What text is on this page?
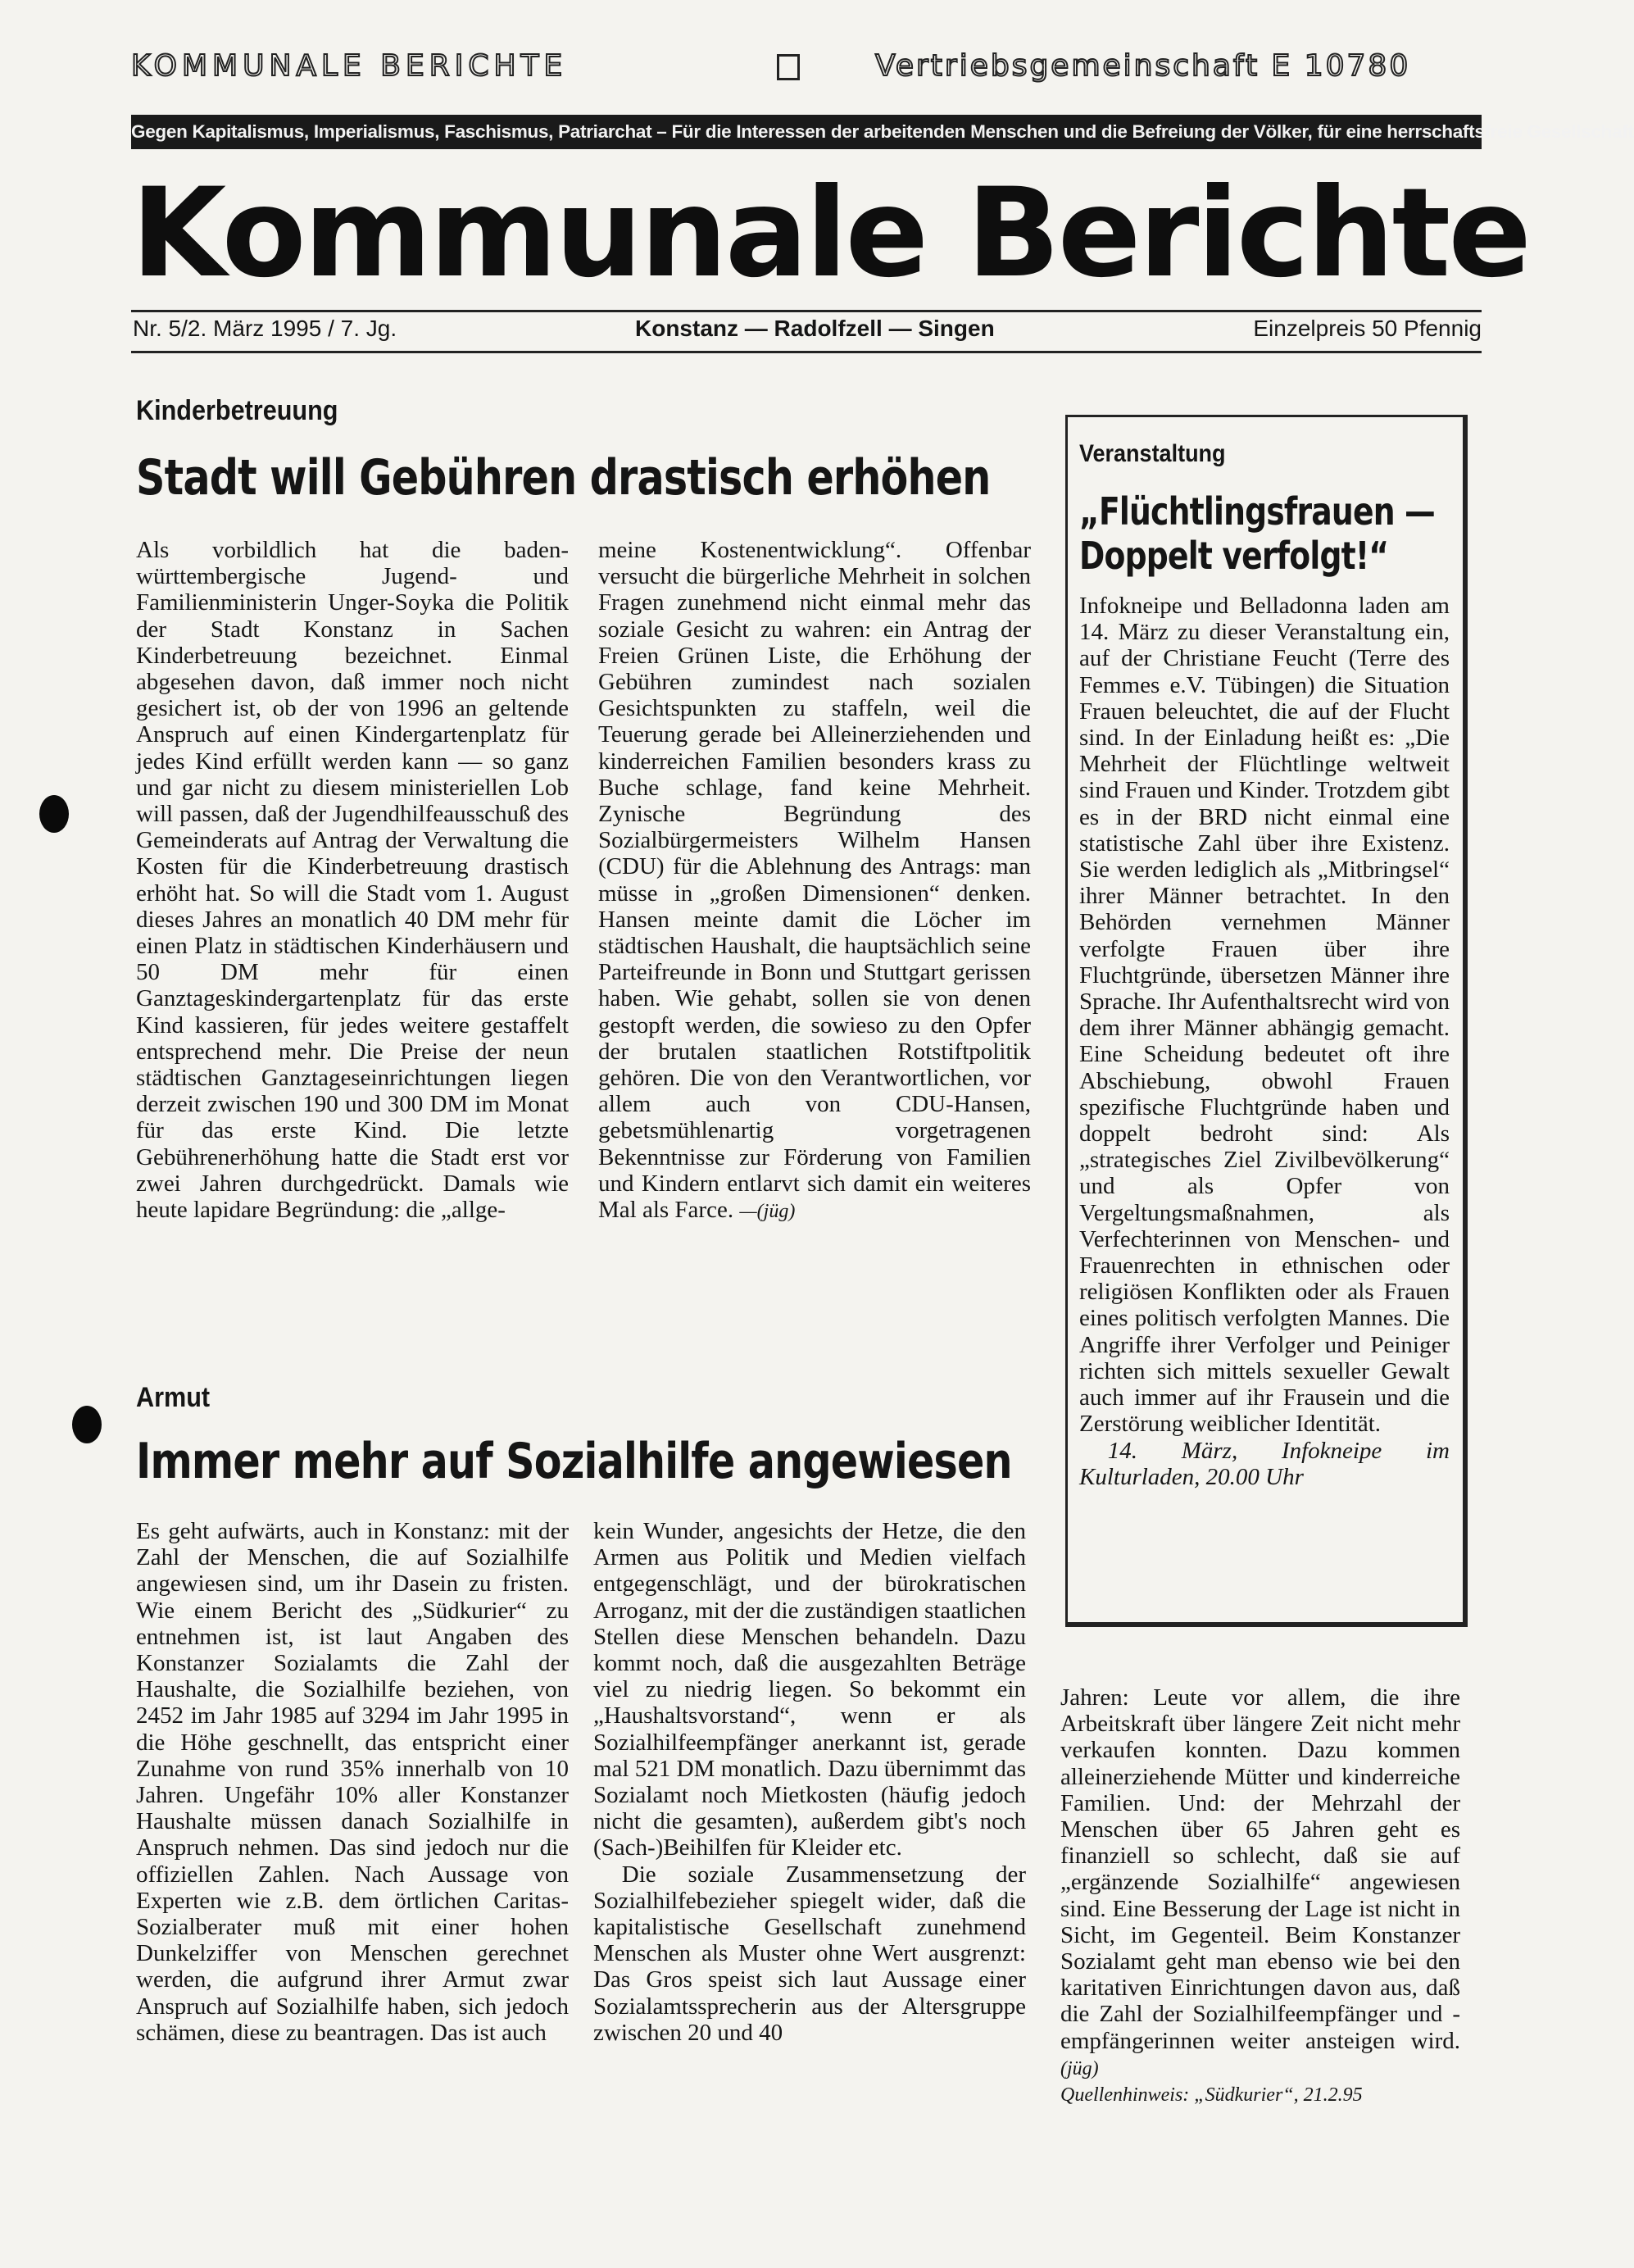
KOMMUNALE BERICHTE	Vertriebsgemeinschaft E 10780
Gegen Kapitalismus, Imperialismus, Faschismus, Patriarchat – Für die Interessen der arbeitenden Menschen und die Befreiung der Völker, für eine herrschaftsfreie Gesellschaft
Kommunale Berichte
Nr. 5/2. März 1995 / 7. Jg.	Konstanz — Radolfzell — Singen	Einzelpreis 50 Pfennig
Kinderbetreuung
Stadt will Gebühren drastisch erhöhen

Als vorbildlich hat die baden-württembergische Jugend- und Familienministerin Unger-Soyka die Politik der Stadt Konstanz in Sachen Kinderbetreuung bezeichnet. Einmal abgesehen davon, daß immer noch nicht gesichert ist, ob der von 1996 an geltende Anspruch auf einen Kindergartenplatz für jedes Kind erfüllt werden kann — so ganz und gar nicht zu diesem ministeriellen Lob will passen, daß der Jugendhilfeausschuß des Gemeinderats auf Antrag der Verwaltung die Kosten für die Kinderbetreuung drastisch erhöht hat. So will die Stadt vom 1. August dieses Jahres an monatlich 40 DM mehr für einen Platz in städtischen Kinderhäusern und 50 DM mehr für einen Ganztageskindergartenplatz für das erste Kind kassieren, für jedes weitere gestaffelt entsprechend mehr. Die Preise der neun städtischen Ganztageseinrichtungen liegen derzeit zwischen 190 und 300 DM im Monat für das erste Kind. Die letzte Gebührenerhöhung hatte die Stadt erst vor zwei Jahren durchgedrückt. Damals wie heute lapidare Begründung: die „allge-

meine Kostenentwicklung“. Offenbar versucht die bürgerliche Mehrheit in solchen Fragen zunehmend nicht einmal mehr das soziale Gesicht zu wahren: ein Antrag der Freien Grünen Liste, die Erhöhung der Gebühren zumindest nach sozialen Gesichtspunkten zu staffeln, weil die Teuerung gerade bei Alleinerziehenden und kinderreichen Familien besonders krass zu Buche schlage, fand keine Mehrheit. Zynische Begründung des Sozialbürgermeisters Wilhelm Hansen (CDU) für die Ablehnung des Antrags: man müsse in „großen Dimensionen“ denken. Hansen meinte damit die Löcher im städtischen Haushalt, die hauptsächlich seine Parteifreunde in Bonn und Stuttgart gerissen haben. Wie gehabt, sollen sie von denen gestopft werden, die sowieso zu den Opfer der brutalen staatlichen Rotstiftpolitik gehören. Die von den Verantwortlichen, vor allem auch von CDU-Hansen, gebetsmühlenartig vorgetragenen Bekenntnisse zur Förderung von Familien und Kindern entlarvt sich damit ein weiteres Mal als Farce. —(jüg)

Veranstaltung
„Flüchtlingsfrauen — Doppelt verfolgt!“

Infokneipe und Belladonna laden am 14. März zu dieser Veranstaltung ein, auf der Christiane Feucht (Terre des Femmes e.V. Tübingen) die Situation Frauen beleuchtet, die auf der Flucht sind. In der Einladung heißt es: „Die Mehrheit der Flüchtlinge weltweit sind Frauen und Kinder. Trotzdem gibt es in der BRD nicht einmal eine statistische Zahl über ihre Existenz. Sie werden lediglich als „Mitbringsel“ ihrer Männer betrachtet. In den Behörden vernehmen Männer verfolgte Frauen über ihre Fluchtgründe, übersetzen Männer ihre Sprache. Ihr Aufenthaltsrecht wird von dem ihrer Männer abhängig gemacht. Eine Scheidung bedeutet oft ihre Abschiebung, obwohl Frauen spezifische Fluchtgründe haben und doppelt bedroht sind: Als „strategisches Ziel Zivilbevölkerung“ und als Opfer von Vergeltungsmaßnahmen, als Verfechterinnen von Menschen- und Frauenrechten in ethnischen oder religiösen Konflikten oder als Frauen eines politisch verfolgten Mannes. Die Angriffe ihrer Verfolger und Peiniger richten sich mittels sexueller Gewalt auch immer auf ihr Frausein und die Zerstörung weiblicher Identität.

14. März, Infokneipe im Kulturladen, 20.00 Uhr

Armut
Immer mehr auf Sozialhilfe angewiesen

Es geht aufwärts, auch in Konstanz: mit der Zahl der Menschen, die auf Sozialhilfe angewiesen sind, um ihr Dasein zu fristen. Wie einem Bericht des „Südkurier“ zu entnehmen ist, ist laut Angaben des Konstanzer Sozialamts die Zahl der Haushalte, die Sozialhilfe beziehen, von 2452 im Jahr 1985 auf 3294 im Jahr 1995 in die Höhe geschnellt, das entspricht einer Zunahme von rund 35% innerhalb von 10 Jahren. Ungefähr 10% aller Konstanzer Haushalte müssen danach Sozialhilfe in Anspruch nehmen. Das sind jedoch nur die offiziellen Zahlen. Nach Aussage von Experten wie z.B. dem örtlichen Caritas-Sozialberater muß mit einer hohen Dunkelziffer von Menschen gerechnet werden, die aufgrund ihrer Armut zwar Anspruch auf Sozialhilfe haben, sich jedoch schämen, diese zu beantragen. Das ist auch

kein Wunder, angesichts der Hetze, die den Armen aus Politik und Medien vielfach entgegenschlägt, und der bürokratischen Arroganz, mit der die zuständigen staatlichen Stellen diese Menschen behandeln. Dazu kommt noch, daß die ausgezahlten Beträge viel zu niedrig liegen. So bekommt ein „Haushaltsvorstand“, wenn er als Sozialhilfeempfänger anerkannt ist, gerade mal 521 DM monatlich. Dazu übernimmt das Sozialamt noch Mietkosten (häufig jedoch nicht die gesamten), außerdem gibt's noch (Sach-)Beihilfen für Kleider etc.

Die soziale Zusammensetzung der Sozialhilfebezieher spiegelt wider, daß die kapitalistische Gesellschaft zunehmend Menschen als Muster ohne Wert ausgrenzt: Das Gros speist sich laut Aussage einer Sozialamtssprecherin aus der Altersgruppe zwischen 20 und 40

Jahren: Leute vor allem, die ihre Arbeitskraft über längere Zeit nicht mehr verkaufen konnten. Dazu kommen alleinerziehende Mütter und kinderreiche Familien. Und: der Mehrzahl der Menschen über 65 Jahren geht es finanziell so schlecht, daß sie auf „ergänzende Sozialhilfe“ angewiesen sind. Eine Besserung der Lage ist nicht in Sicht, im Gegenteil. Beim Konstanzer Sozialamt geht man ebenso wie bei den karitativen Einrichtungen davon aus, daß die Zahl der Sozialhilfeempfänger und -empfängerinnen weiter ansteigen wird. (jüg)

Quellenhinweis: „Südkurier“, 21.2.95
